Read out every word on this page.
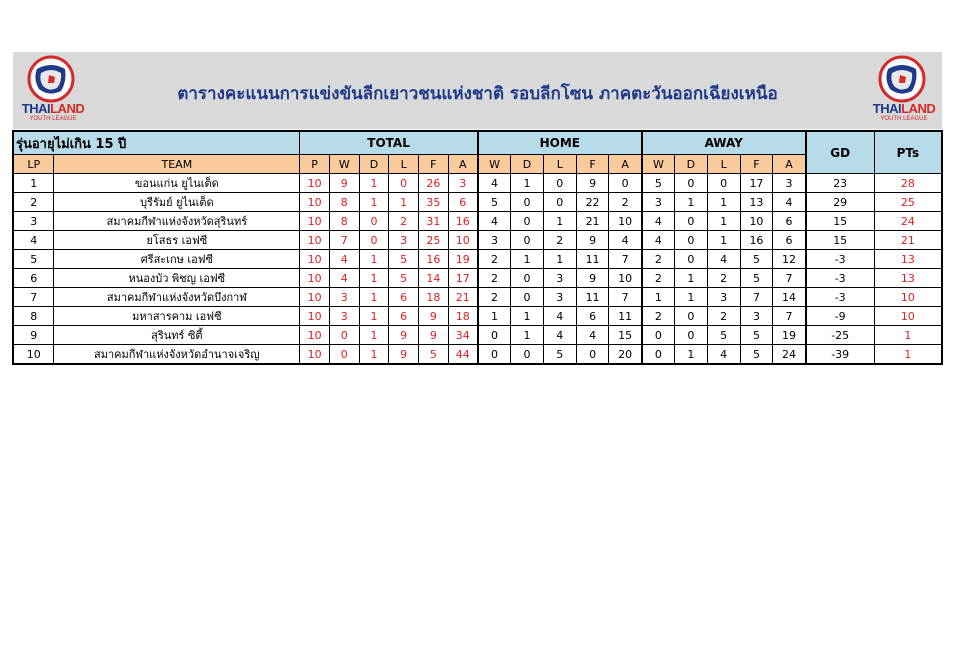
THAILAND
YOUTH LEAGUE
ตารางคะแนนการแข่งขันลีกเยาวชนแห่งชาติ รอบลีกโซน ภาคตะวันออกเฉียงเหนือ
THAILAND
YOUTH LEAGUE
รุ่นอายุไม่เกิน 15 ปี		TOTAL						HOME					AWAY					GD	PTs
LP	TEAM	P	W	D	L	F	A	W	D	L	F	A	W	D	L	F	A		
1	ขอนแก่น ยูไนเต็ด	10	9	1	0	26	3	4	1	0	9	0	5	0	0	17	3	23	28
2	บุรีรัมย์ ยูไนเต็ด	10	8	1	1	35	6	5	0	0	22	2	3	1	1	13	4	29	25
3	สมาคมกีฬาแห่งจังหวัดสุรินทร์	10	8	0	2	31	16	4	0	1	21	10	4	0	1	10	6	15	24
4	ยโสธร เอฟซี	10	7	0	3	25	10	3	0	2	9	4	4	0	1	16	6	15	21
5	ศรีสะเกษ เอฟซี	10	4	1	5	16	19	2	1	1	11	7	2	0	4	5	12	-3	13
6	หนองบัว พิชญ เอฟซี	10	4	1	5	14	17	2	0	3	9	10	2	1	2	5	7	-3	13
7	สมาคมกีฬาแห่งจังหวัดบึงกาฬ	10	3	1	6	18	21	2	0	3	11	7	1	1	3	7	14	-3	10
8	มหาสารคาม เอฟซี	10	3	1	6	9	18	1	1	4	6	11	2	0	2	3	7	-9	10
9	สุรินทร์ ซิตี้	10	0	1	9	9	34	0	1	4	4	15	0	0	5	5	19	-25	1
10	สมาคมกีฬาแห่งจังหวัดอำนาจเจริญ	10	0	1	9	5	44	0	0	5	0	20	0	1	4	5	24	-39	1
